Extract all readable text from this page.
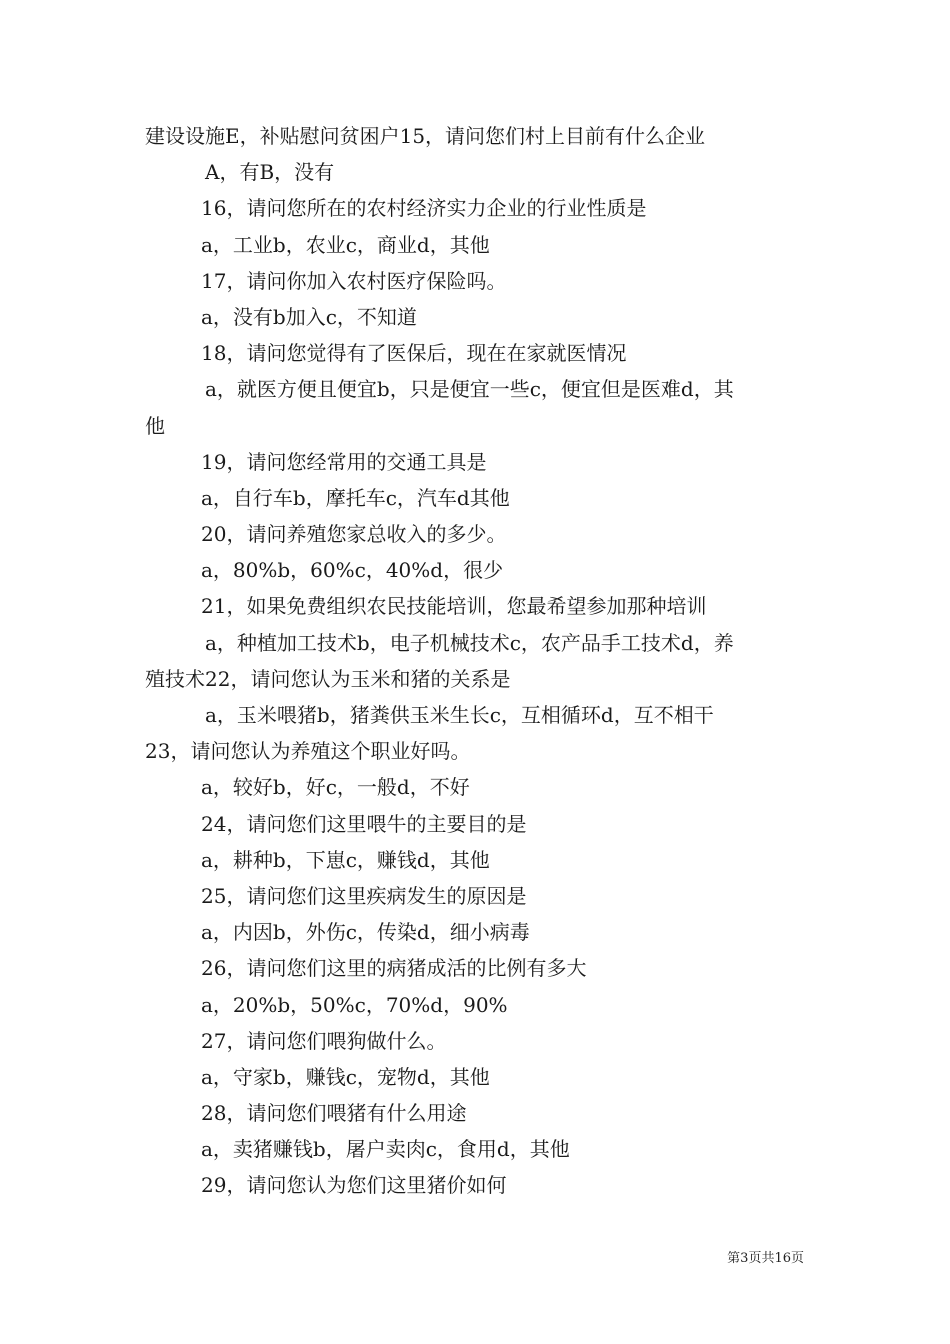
建设设施E，补贴慰问贫困户15，请问您们村上目前有什么企业
A，有B，没有
16，请问您所在的农村经济实力企业的行业性质是
a，工业b，农业c，商业d，其他
17，请问你加入农村医疗保险吗。
a，没有b加入c，不知道
18，请问您觉得有了医保后，现在在家就医情况
a，就医方便且便宜b，只是便宜一些c，便宜但是医难d，其
他
19，请问您经常用的交通工具是
a，自行车b，摩托车c，汽车d其他
20，请问养殖您家总收入的多少。
a，80%b，60%c，40%d，很少
21，如果免费组织农民技能培训，您最希望参加那种培训
a，种植加工技术b，电子机械技术c，农产品手工技术d，养
殖技术22，请问您认为玉米和猪的关系是
a，玉米喂猪b，猪粪供玉米生长c，互相循环d，互不相干
23，请问您认为养殖这个职业好吗。
a，较好b，好c，一般d，不好
24，请问您们这里喂牛的主要目的是
a，耕种b，下崽c，赚钱d，其他
25，请问您们这里疾病发生的原因是
a，内因b，外伤c，传染d，细小病毒
26，请问您们这里的病猪成活的比例有多大
a，20%b，50%c，70%d，90%
27，请问您们喂狗做什么。
a，守家b，赚钱c，宠物d，其他
28，请问您们喂猪有什么用途
a，卖猪赚钱b，屠户卖肉c，食用d，其他
29，请问您认为您们这里猪价如何
第3页共16页
